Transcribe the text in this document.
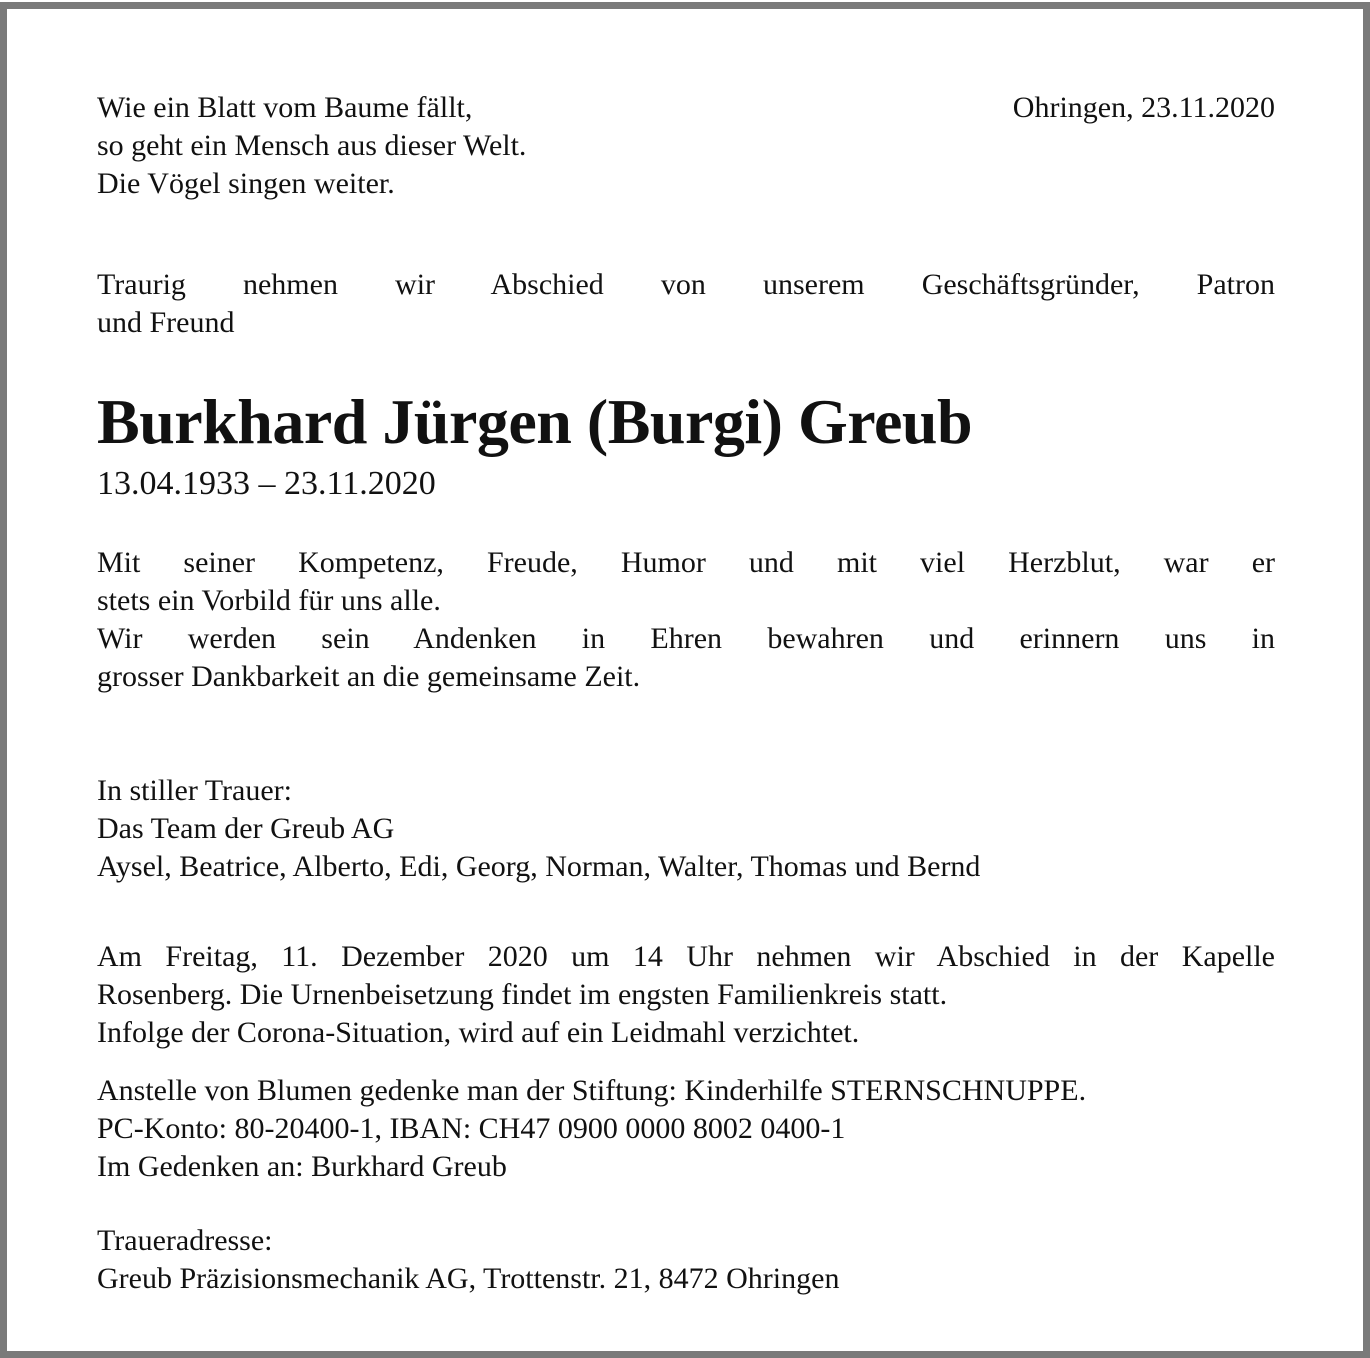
Wie ein Blatt vom Baume fällt,
so geht ein Mensch aus dieser Welt.
Die Vögel singen weiter.
Ohringen, 23.11.2020
Traurig nehmen wir Abschied von unserem Geschäftsgründer, Patron
und Freund
Burkhard Jürgen (Burgi) Greub
13.04.1933 – 23.11.2020
Mit seiner Kompetenz, Freude, Humor und mit viel Herzblut, war er
stets ein Vorbild für uns alle.
Wir werden sein Andenken in Ehren bewahren und erinnern uns in
grosser Dankbarkeit an die gemeinsame Zeit.
In stiller Trauer:
Das Team der Greub AG
Aysel, Beatrice, Alberto, Edi, Georg, Norman, Walter, Thomas und Bernd
Am Freitag, 11. Dezember 2020 um 14 Uhr nehmen wir Abschied in der Kapelle
Rosenberg. Die Urnenbeisetzung findet im engsten Familienkreis statt.
Infolge der Corona-Situation, wird auf ein Leidmahl verzichtet.
Anstelle von Blumen gedenke man der Stiftung: Kinderhilfe STERNSCHNUPPE.
PC-Konto: 80-20400-1, IBAN: CH47 0900 0000 8002 0400-1
Im Gedenken an: Burkhard Greub
Traueradresse:
Greub Präzisionsmechanik AG, Trottenstr. 21, 8472 Ohringen
